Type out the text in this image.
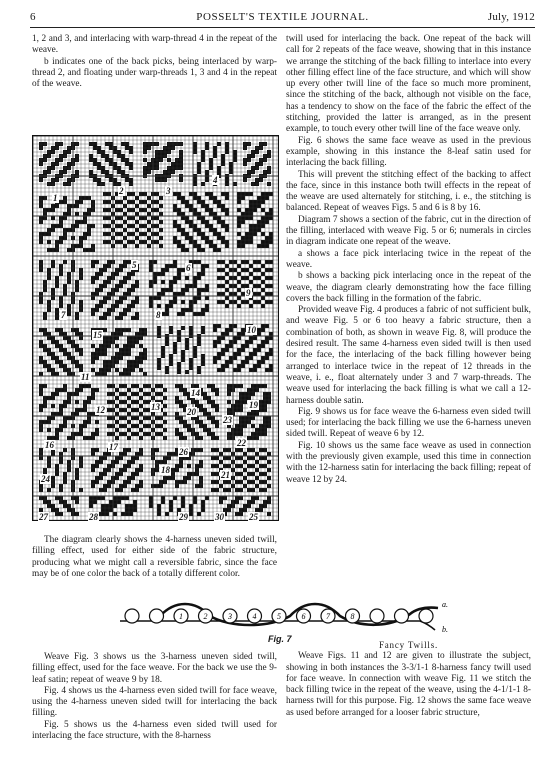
6	POSSELT'S TEXTILE JOURNAL.	July, 1912

1, 2 and 3, and interlacing with warp-thread 4 in the repeat of the weave.

b indicates one of the back picks, being interlaced by warp-thread 2, and floating under warp-threads 1, 3 and 4 in the repeat of the weave.

1
2	3
4
5	6
7	8
9
10
11
12	13
14
15
16	17
18
19
20
21
22
23
24
25
26
27	28	29	30

The diagram clearly shows the 4-harness uneven sided twill, filling effect, used for either side of the fabric structure, producing what we might call a reversible fabric, since the face may be of one color the back of a totally different color.

twill used for interlacing the back. One repeat of the back will call for 2 repeats of the face weave, showing that in this instance we arrange the stitching of the back filling to interlace into every other filling effect line of the face structure, and which will show up every other twill line of the face so much more prominent, since the stitching of the back, although not visible on the face, has a tendency to show on the face of the fabric the effect of the stitching, provided the latter is arranged, as in the present example, to touch every other twill line of the face weave only.

Fig. 6 shows the same face weave as used in the previous example, showing in this instance the 8-leaf satin used for interlacing the back filling.

This will prevent the stitching effect of the backing to affect the face, since in this instance both twill effects in the repeat of the weave are used alternately for stitching, i. e., the stitching is balanced. Repeat of weaves Figs. 5 and 6 is 8 by 16.

Diagram 7 shows a section of the fabric, cut in the direction of the filling, interlaced with weave Fig. 5 or 6; numerals in circles in diagram indicate one repeat of the weave.

a shows a face pick interlacing twice in the repeat of the weave.

b shows a backing pick interlacing once in the repeat of the weave, the diagram clearly demonstrating how the face filling covers the back filling in the formation of the fabric.

Provided weave Fig. 4 produces a fabric of not sufficient bulk, and weave Fig. 5 or 6 too heavy a fabric structure, then a combination of both, as shown in weave Fig. 8, will produce the desired result. The same 4-harness even sided twill is then used for the face, the interlacing of the back filling however being arranged to interlace twice in the repeat of 12 threads in the weave, i. e., float alternately under 3 and 7 warp-threads. The weave used for interlacing the back filling is what we call a 12-harness double satin.

Fig. 9 shows us for face weave the 6-harness even sided twill used; for interlacing the back filling we use the 6-harness uneven sided twill. Repeat of weave 6 by 12.

Fig. 10 shows us the same face weave as used in connection with the previously given example, used this time in connection with the 12-harness satin for interlacing the back filling; repeat of weave 12 by 24.

1	2	3	4	5	6	7	8
a.
b.
Fig. 7

Weave Fig. 3 shows us the 3-harness uneven sided twill, filling effect, used for the face weave. For the back we use the 9-leaf satin; repeat of weave 9 by 18.

Fig. 4 shows us the 4-harness even sided twill for face weave, using the 4-harness uneven sided twill for interlacing the back filling.

Fig. 5 shows us the 4-harness even sided twill used for interlacing the face structure, with the 8-harness

Fancy Twills.

Weave Figs. 11 and 12 are given to illustrate the subject, showing in both instances the 3-3/1-1 8-harness fancy twill used for face weave. In connection with weave Fig. 11 we stitch the back filling twice in the repeat of the weave, using the 4-1/1-1 8-harness twill for this purpose. Fig. 12 shows the same face weave as used before arranged for a looser fabric structure,
